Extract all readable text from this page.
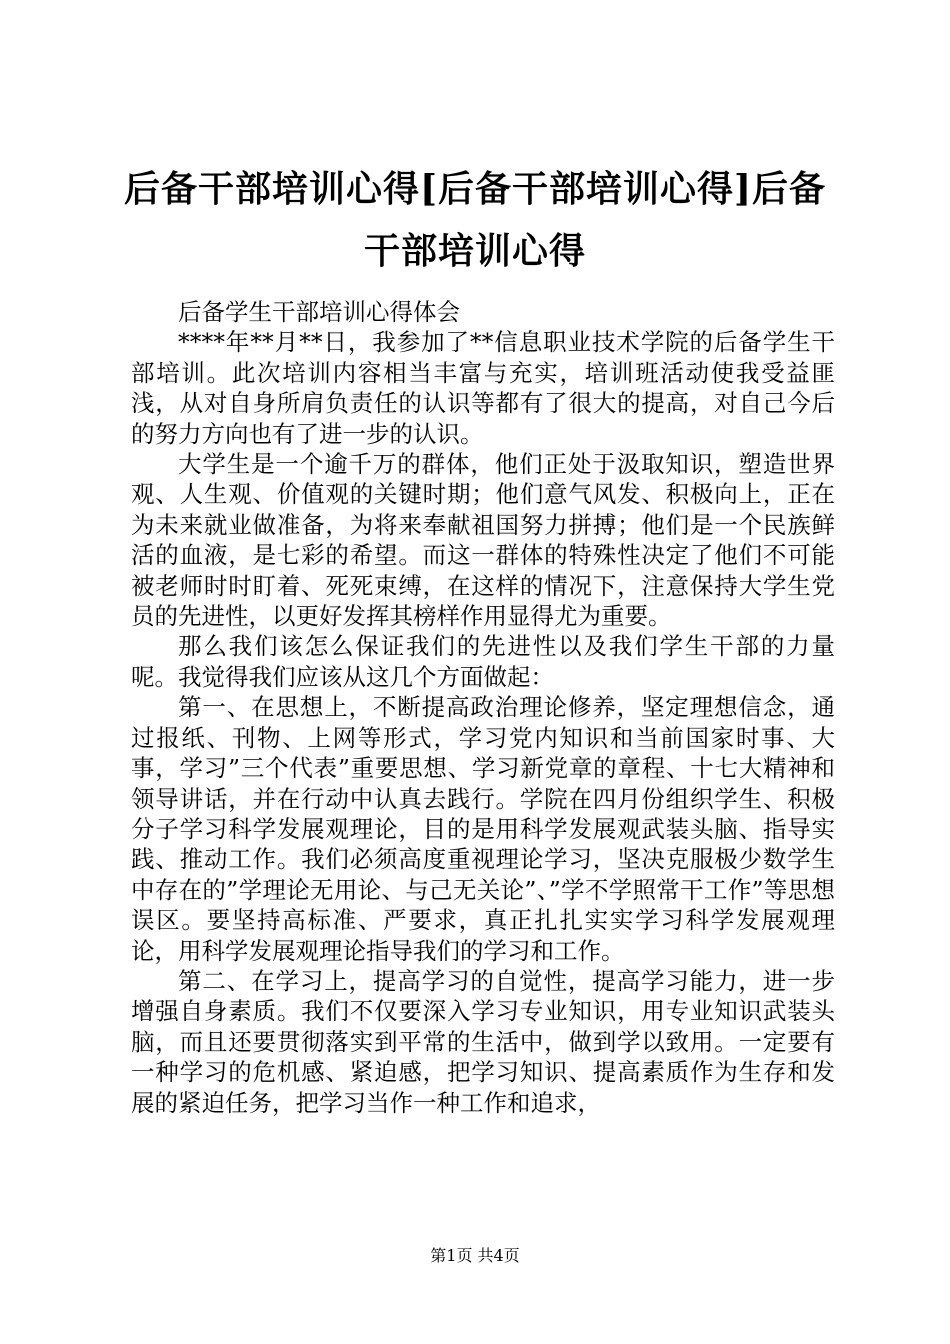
后备干部培训心得[后备干部培训心得]后备干部培训心得

后备学生干部培训心得体会

****年**月**日，我参加了**信息职业技术学院的后备学生干部培训。此次培训内容相当丰富与充实，培训班活动使我受益匪浅，从对自身所肩负责任的认识等都有了很大的提高，对自己今后的努力方向也有了进一步的认识。

大学生是一个逾千万的群体，他们正处于汲取知识，塑造世界观、人生观、价值观的关键时期；他们意气风发、积极向上，正在为未来就业做准备，为将来奉献祖国努力拼搏；他们是一个民族鲜活的血液，是七彩的希望。而这一群体的特殊性决定了他们不可能被老师时时盯着、死死束缚，在这样的情况下，注意保持大学生党员的先进性，以更好发挥其榜样作用显得尤为重要。

那么我们该怎么保证我们的先进性以及我们学生干部的力量呢。我觉得我们应该从这几个方面做起：

第一、在思想上，不断提高政治理论修养，坚定理想信念，通过报纸、刊物、上网等形式，学习党内知识和当前国家时事、大事，学习”三个代表”重要思想、学习新党章的章程、十七大精神和领导讲话，并在行动中认真去践行。学院在四月份组织学生、积极分子学习科学发展观理论，目的是用科学发展观武装头脑、指导实践、推动工作。我们必须高度重视理论学习，坚决克服极少数学生中存在的”学理论无用论、与己无关论”、”学不学照常干工作”等思想误区。要坚持高标准、严要求，真正扎扎实实学习科学发展观理论，用科学发展观理论指导我们的学习和工作。

第二、在学习上，提高学习的自觉性，提高学习能力，进一步增强自身素质。我们不仅要深入学习专业知识，用专业知识武装头脑，而且还要贯彻落实到平常的生活中，做到学以致用。一定要有一种学习的危机感、紧迫感，把学习知识、提高素质作为生存和发展的紧迫任务，把学习当作一种工作和追求，

第1页 共4页
